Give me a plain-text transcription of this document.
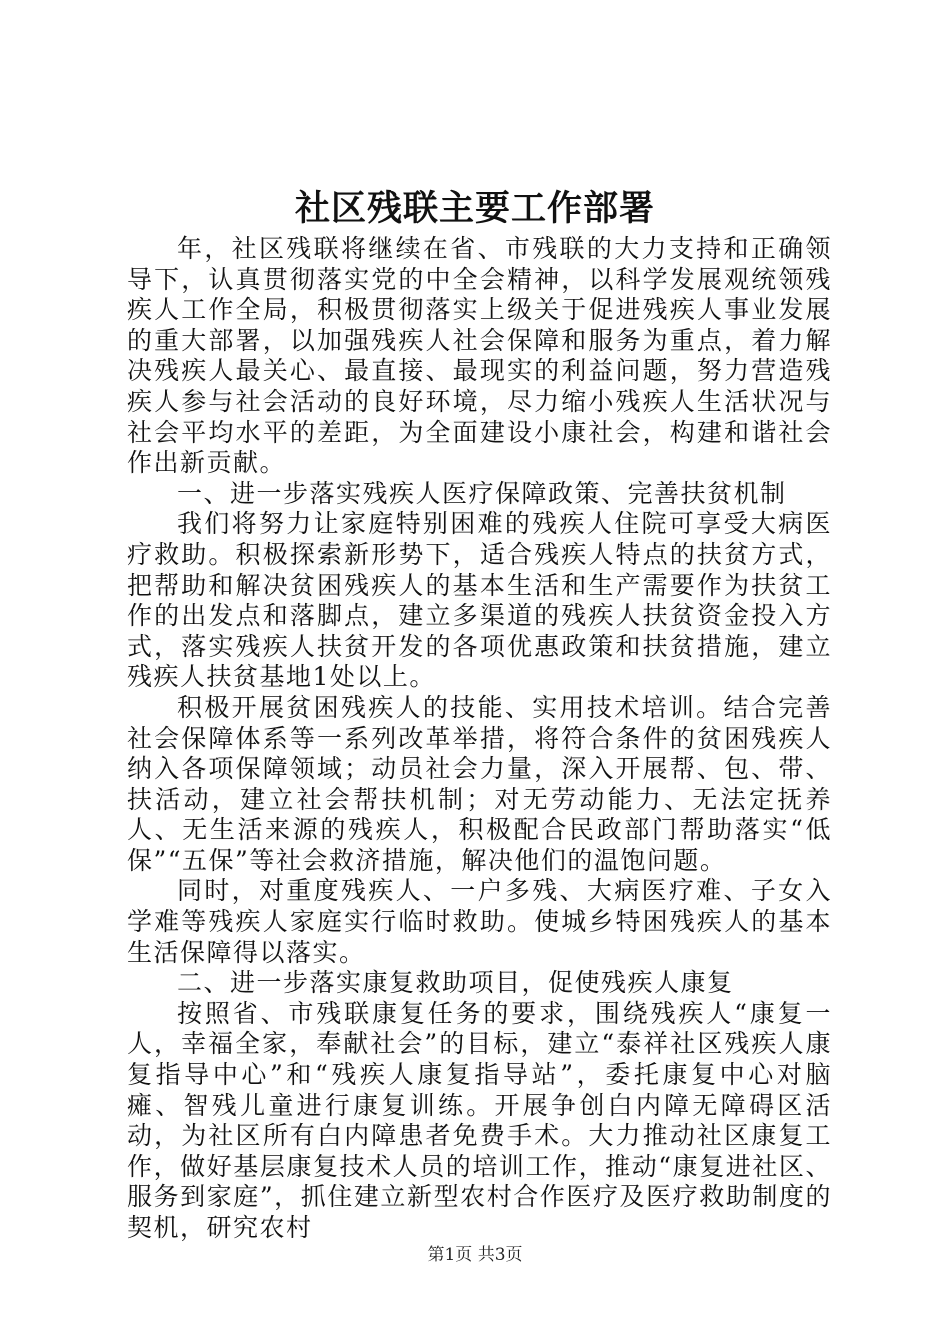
社区残联主要工作部署

年，社区残联将继续在省、市残联的大力支持和正确领导下，认真贯彻落实党的中全会精神，以科学发展观统领残疾人工作全局，积极贯彻落实上级关于促进残疾人事业发展的重大部署，以加强残疾人社会保障和服务为重点，着力解决残疾人最关心、最直接、最现实的利益问题，努力营造残疾人参与社会活动的良好环境，尽力缩小残疾人生活状况与社会平均水平的差距，为全面建设小康社会，构建和谐社会作出新贡献。

一、进一步落实残疾人医疗保障政策、完善扶贫机制

我们将努力让家庭特别困难的残疾人住院可享受大病医疗救助。积极探索新形势下，适合残疾人特点的扶贫方式，把帮助和解决贫困残疾人的基本生活和生产需要作为扶贫工作的出发点和落脚点，建立多渠道的残疾人扶贫资金投入方式，落实残疾人扶贫开发的各项优惠政策和扶贫措施，建立残疾人扶贫基地1处以上。

积极开展贫困残疾人的技能、实用技术培训。结合完善社会保障体系等一系列改革举措，将符合条件的贫困残疾人纳入各项保障领域；动员社会力量，深入开展帮、包、带、扶活动，建立社会帮扶机制；对无劳动能力、无法定抚养人、无生活来源的残疾人，积极配合民政部门帮助落实“低保”“五保”等社会救济措施，解决他们的温饱问题。

同时，对重度残疾人、一户多残、大病医疗难、子女入学难等残疾人家庭实行临时救助。使城乡特困残疾人的基本生活保障得以落实。

二、进一步落实康复救助项目，促使残疾人康复

按照省、市残联康复任务的要求，围绕残疾人“康复一人，幸福全家，奉献社会”的目标，建立“泰祥社区残疾人康复指导中心”和“残疾人康复指导站”，委托康复中心对脑瘫、智残儿童进行康复训练。开展争创白内障无障碍区活动，为社区所有白内障患者免费手术。大力推动社区康复工作，做好基层康复技术人员的培训工作，推动“康复进社区、服务到家庭”，抓住建立新型农村合作医疗及医疗救助制度的契机，研究农村

第1页 共3页
